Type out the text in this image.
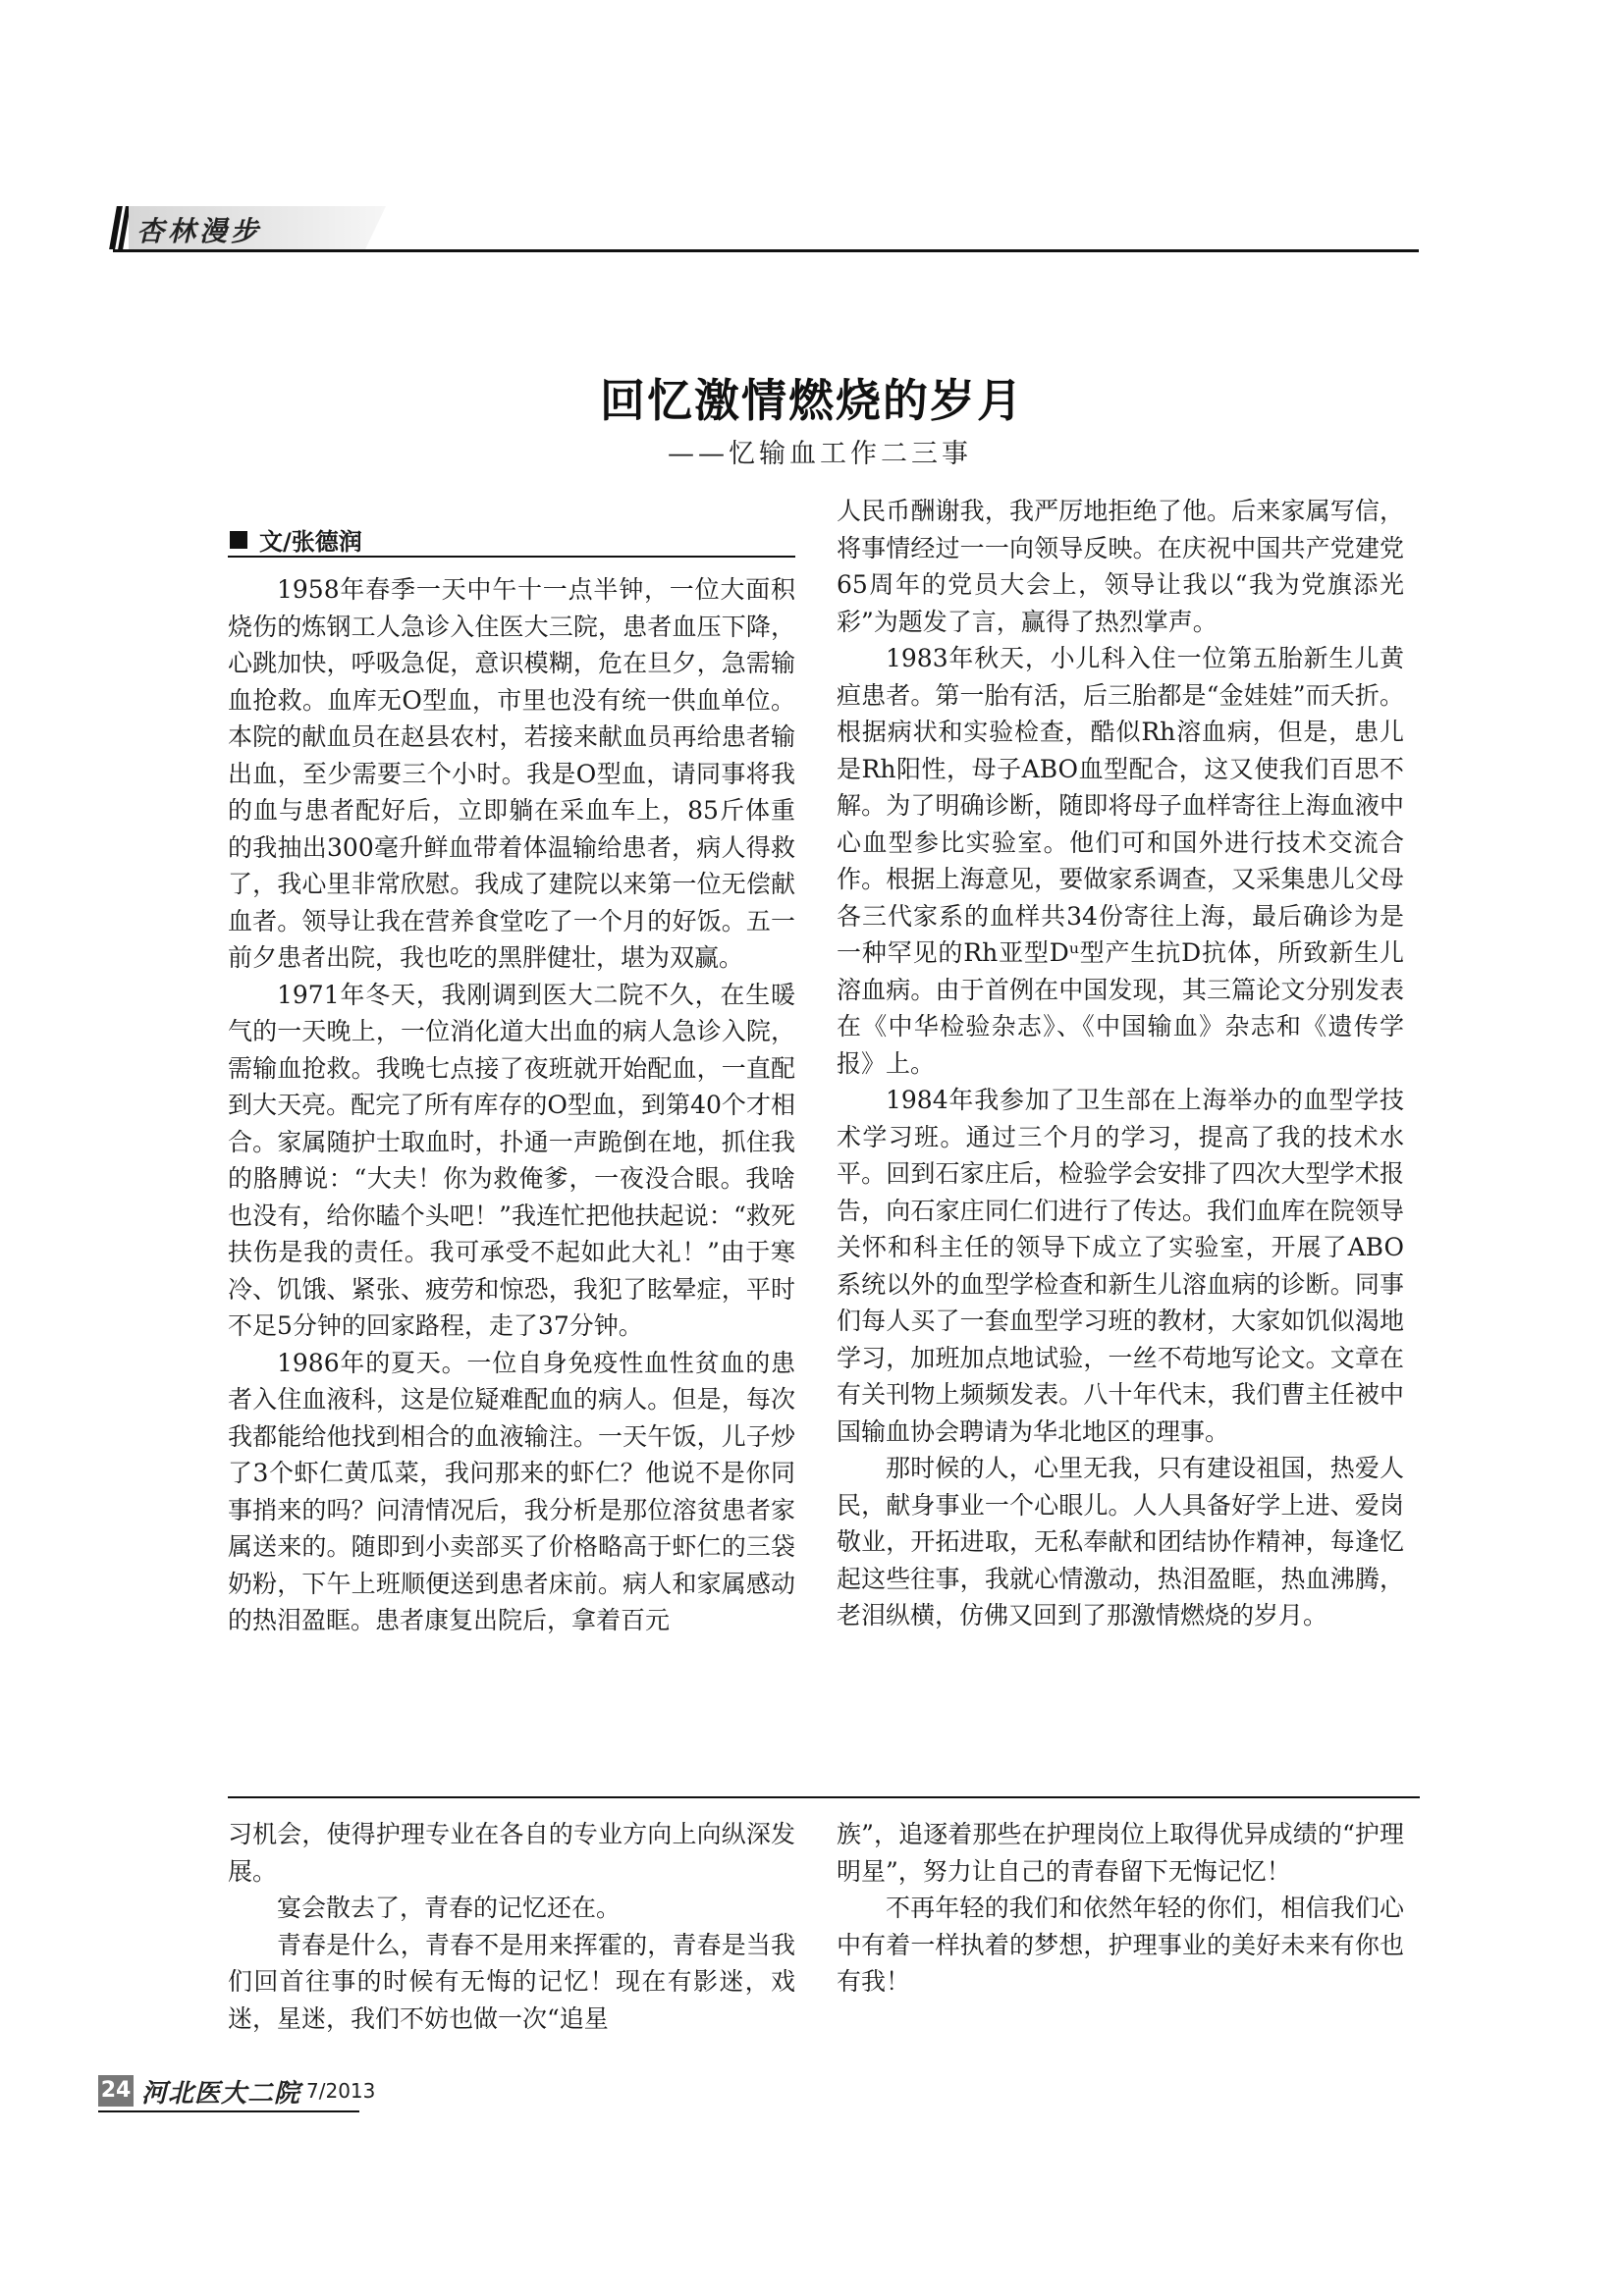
杏林漫步
回忆激情燃烧的岁月
——忆输血工作二三事
文/张德润

1958年春季一天中午十一点半钟，一位大面积烧伤的炼钢工人急诊入住医大三院，患者血压下降，心跳加快，呼吸急促，意识模糊，危在旦夕，急需输血抢救。血库无O型血，市里也没有统一供血单位。本院的献血员在赵县农村，若接来献血员再给患者输出血，至少需要三个小时。我是O型血，请同事将我的血与患者配好后，立即躺在采血车上，85斤体重的我抽出300毫升鲜血带着体温输给患者，病人得救了，我心里非常欣慰。我成了建院以来第一位无偿献血者。领导让我在营养食堂吃了一个月的好饭。五一前夕患者出院，我也吃的黑胖健壮，堪为双赢。

1971年冬天，我刚调到医大二院不久，在生暖气的一天晚上，一位消化道大出血的病人急诊入院，需输血抢救。我晚七点接了夜班就开始配血，一直配到大天亮。配完了所有库存的O型血，到第40个才相合。家属随护士取血时，扑通一声跪倒在地，抓住我的胳膊说：“大夫！你为救俺爹，一夜没合眼。我啥也没有，给你瞌个头吧！”我连忙把他扶起说：“救死扶伤是我的责任。我可承受不起如此大礼！”由于寒冷、饥饿、紧张、疲劳和惊恐，我犯了眩晕症，平时不足5分钟的回家路程，走了37分钟。

1986年的夏天。一位自身免疫性血性贫血的患者入住血液科，这是位疑难配血的病人。但是，每次我都能给他找到相合的血液输注。一天午饭，儿子炒了3个虾仁黄瓜菜，我问那来的虾仁？他说不是你同事捎来的吗？问清情况后，我分析是那位溶贫患者家属送来的。随即到小卖部买了价格略高于虾仁的三袋奶粉，下午上班顺便送到患者床前。病人和家属感动的热泪盈眶。患者康复出院后，拿着百元

人民币酬谢我，我严厉地拒绝了他。后来家属写信，将事情经过一一向领导反映。在庆祝中国共产党建党65周年的党员大会上，领导让我以“我为党旗添光彩”为题发了言，赢得了热烈掌声。

1983年秋天，小儿科入住一位第五胎新生儿黄疸患者。第一胎有活，后三胎都是“金娃娃”而夭折。根据病状和实验检查，酷似Rh溶血病，但是，患儿是Rh阳性，母子ABO血型配合，这又使我们百思不解。为了明确诊断，随即将母子血样寄往上海血液中心血型参比实验室。他们可和国外进行技术交流合作。根据上海意见，要做家系调查，又采集患儿父母各三代家系的血样共34份寄往上海，最后确诊为是一种罕见的Rh亚型Dᵘ型产生抗D抗体，所致新生儿溶血病。由于首例在中国发现，其三篇论文分别发表在《中华检验杂志》、《中国输血》杂志和《遗传学报》上。

1984年我参加了卫生部在上海举办的血型学技术学习班。通过三个月的学习，提高了我的技术水平。回到石家庄后，检验学会安排了四次大型学术报告，向石家庄同仁们进行了传达。我们血库在院领导关怀和科主任的领导下成立了实验室，开展了ABO系统以外的血型学检查和新生儿溶血病的诊断。同事们每人买了一套血型学习班的教材，大家如饥似渴地学习，加班加点地试验，一丝不苟地写论文。文章在有关刊物上频频发表。八十年代末，我们曹主任被中国输血协会聘请为华北地区的理事。

那时候的人，心里无我，只有建设祖国，热爱人民，献身事业一个心眼儿。人人具备好学上进、爱岗敬业，开拓进取，无私奉献和团结协作精神，每逢忆起这些往事，我就心情激动，热泪盈眶，热血沸腾，老泪纵横，仿佛又回到了那激情燃烧的岁月。

习机会，使得护理专业在各自的专业方向上向纵深发展。

宴会散去了，青春的记忆还在。

青春是什么，青春不是用来挥霍的，青春是当我们回首往事的时候有无悔的记忆！现在有影迷，戏迷，星迷，我们不妨也做一次“追星

族”，追逐着那些在护理岗位上取得优异成绩的“护理明星”，努力让自己的青春留下无悔记忆！

不再年轻的我们和依然年轻的你们，相信我们心中有着一样执着的梦想，护理事业的美好未来有你也有我！

24 河北医大二院 7/2013
